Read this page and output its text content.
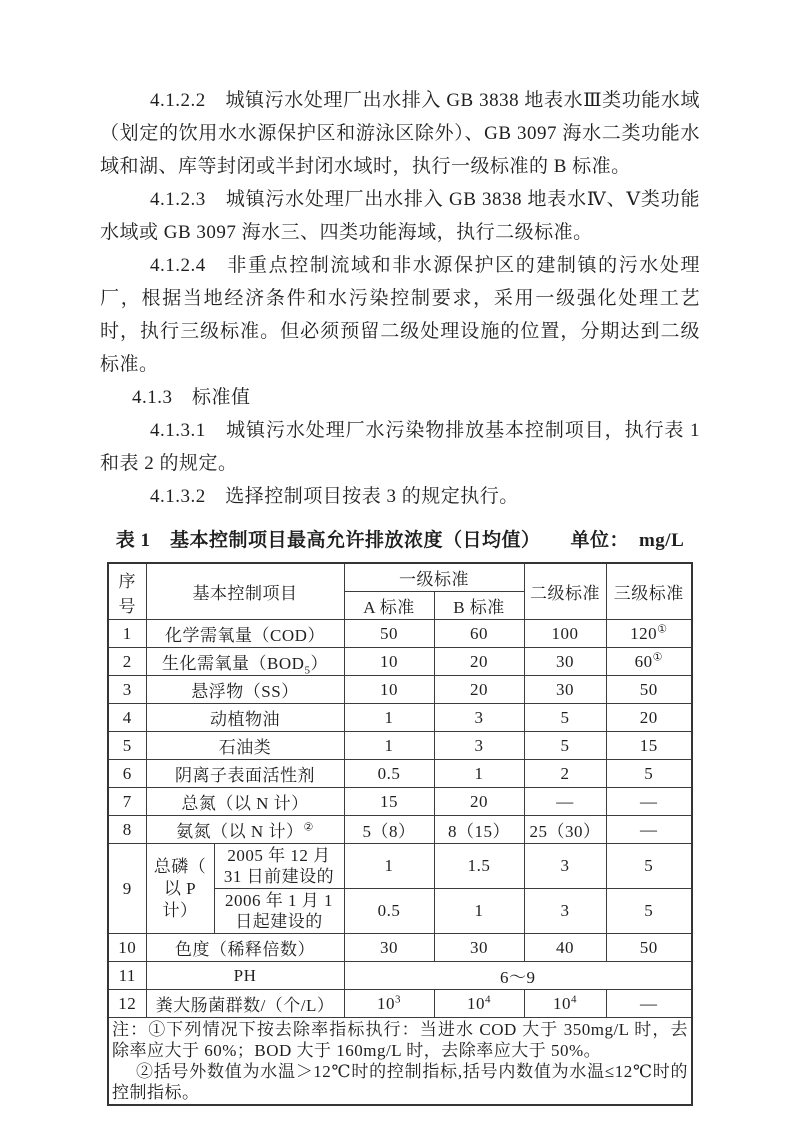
4.1.2.2　城镇污水处理厂出水排入 GB 3838 地表水Ⅲ类功能水域（划定的饮用水水源保护区和游泳区除外）、GB 3097 海水二类功能水域和湖、库等封闭或半封闭水域时，执行一级标准的 B 标准。

4.1.2.3　城镇污水处理厂出水排入 GB 3838 地表水Ⅳ、Ⅴ类功能水域或 GB 3097 海水三、四类功能海域，执行二级标准。

4.1.2.4　非重点控制流域和非水源保护区的建制镇的污水处理厂，根据当地经济条件和水污染控制要求，采用一级强化处理工艺时，执行三级标准。但必须预留二级处理设施的位置，分期达到二级标准。

4.1.3　标准值

4.1.3.1　城镇污水处理厂水污染物排放基本控制项目，执行表 1 和表 2 的规定。

4.1.3.2　选择控制项目按表 3 的规定执行。

表 1　基本控制项目最高允许排放浓度（日均值） 单位：　mg/L
序号	基本控制项目		一级标准		二级标准	三级标准
			A 标准	B 标准		
1	化学需氧量（COD）		50	60	100	120①
2	生化需氧量$(BOD_5)$		10	20	30	60①
3	悬浮物（SS）		10	20	30	50
4	动植物油		1	3	5	20
5	石油类		1	3	5	15
6	阴离子表面活性剂		0.5	1	2	5
7	总氮（以 N 计）		15	20	—	—
8	氨氮（以 N 计）②		5（8）	8（15）	25（30）	—
9	总磷（ 以 P 计）	2005 年 12 月 31 日前建设的	1	1.5	3	5
		2006 年 1 月 1 日起建设的	0.5	1	3	5
10	色度（稀释倍数）		30	30	40	50
11	PH		6～9			
12	粪大肠菌群数/（个/L）		$10^3$	$10^4$	$10^4$	—

注：①下列情况下按去除率指标执行：当进水 COD 大于 350mg/L 时，去除率应大于 60%；BOD 大于 160mg/L 时，去除率应大于 50%。

②括号外数值为水温＞12℃时的控制指标,括号内数值为水温≤12℃时的控制指标。						
